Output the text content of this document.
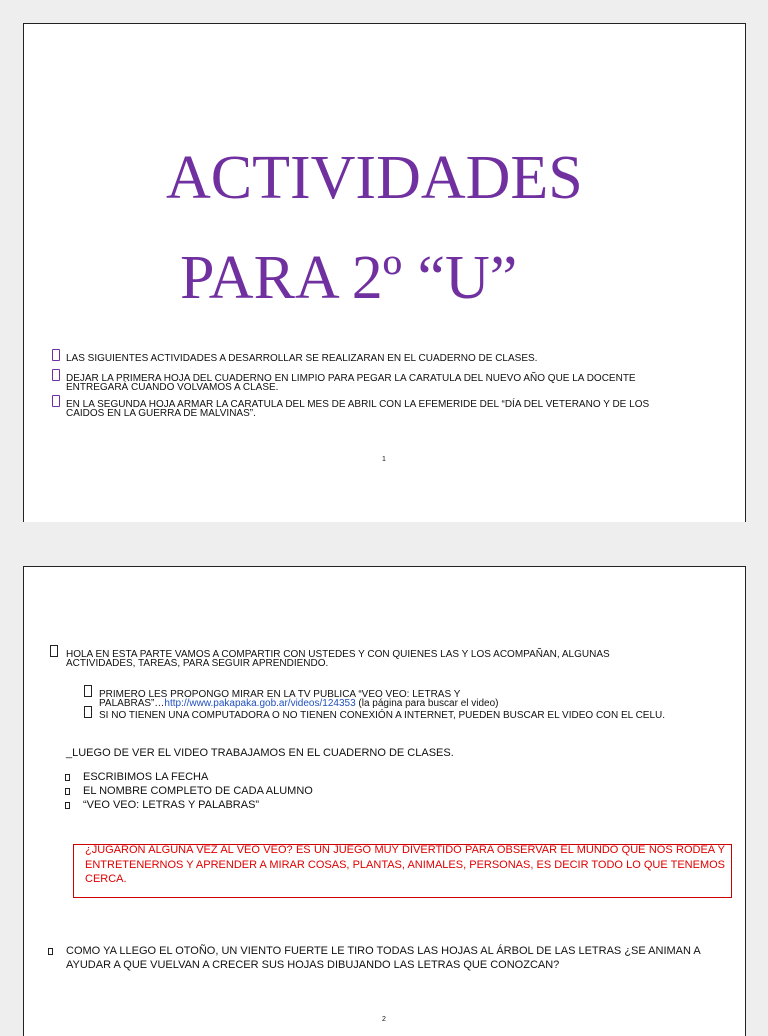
ACTIVIDADES
PARA 2º “U”
LAS SIGUIENTES ACTIVIDADES A DESARROLLAR SE REALIZARAN EN EL CUADERNO DE CLASES.
DEJAR LA PRIMERA HOJA DEL CUADERNO EN LIMPIO PARA PEGAR LA CARATULA DEL NUEVO AÑO QUE LA DOCENTE
ENTREGARÁ CUANDO VOLVAMOS A CLASE.
EN LA SEGUNDA HOJA ARMAR LA CARATULA DEL MES DE ABRIL CON LA EFEMERIDE DEL “DÍA DEL VETERANO Y DE LOS
CAIDOS EN LA GUERRA DE MALVINAS”.
1
HOLA EN ESTA PARTE VAMOS A COMPARTIR CON USTEDES Y CON QUIENES LAS Y LOS ACOMPAÑAN, ALGUNAS
ACTIVIDADES, TAREAS, PARA SEGUIR APRENDIENDO.
PRIMERO LES PROPONGO MIRAR EN LA TV PUBLICA “VEO VEO: LETRAS Y
PALABRAS”…http://www.pakapaka.gob.ar/videos/124353 (la página para buscar el video)
SI NO TIENEN UNA COMPUTADORA O NO TIENEN CONEXIÓN A INTERNET, PUEDEN BUSCAR EL VIDEO CON EL CELU.
_LUEGO DE VER EL VIDEO TRABAJAMOS EN EL CUADERNO DE CLASES.
ESCRIBIMOS LA FECHA
EL NOMBRE COMPLETO DE CADA ALUMNO
“VEO VEO: LETRAS Y PALABRAS”
¿JUGARON ALGUNA VEZ AL VEO VEO? ES UN JUEGO MUY DIVERTIDO PARA OBSERVAR EL MUNDO QUE NOS RODEA Y ENTRETENERNOS Y APRENDER A MIRAR COSAS, PLANTAS, ANIMALES, PERSONAS, ES DECIR TODO LO QUE TENEMOS CERCA.
COMO YA LLEGO EL OTOÑO, UN VIENTO FUERTE LE TIRO TODAS LAS HOJAS AL ÁRBOL DE LAS LETRAS ¿SE ANIMAN A
AYUDAR A QUE VUELVAN A CRECER SUS HOJAS DIBUJANDO LAS LETRAS QUE CONOZCAN?
2
